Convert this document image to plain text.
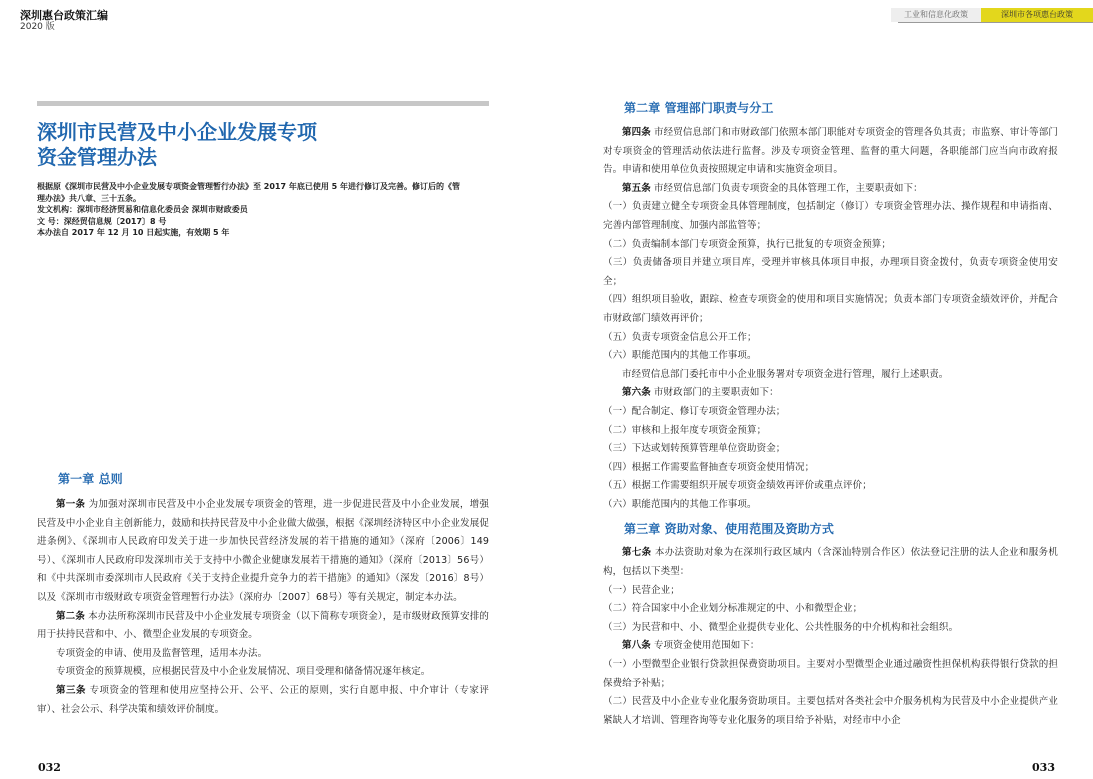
深圳惠台政策汇编
2020 版
工业和信息化政策	深圳市各项惠台政策
深圳市民营及中小企业发展专项
资金管理办法
根据原《深圳市民营及中小企业发展专项资金管理暂行办法》至 2017 年底已使用 5 年进行修订及完善。修订后的《管
理办法》共八章、三十五条。
发文机构：深圳市经济贸易和信息化委员会 深圳市财政委员
文 号：深经贸信息规〔2017〕8 号
本办法自 2017 年 12 月 10 日起实施，有效期 5 年
第一章 总则
第一条 为加强对深圳市民营及中小企业发展专项资金的管理，进一步促进民营及中小企业发展，增强民营及中小企业自主创新能力，鼓励和扶持民营及中小企业做大做强，根据《深圳经济特区中小企业发展促进条例》、《深圳市人民政府印发关于进一步加快民营经济发展的若干措施的通知》（深府〔2006〕149号）、《深圳市人民政府印发深圳市关于支持中小微企业健康发展若干措施的通知》（深府〔2013〕56号）和《中共深圳市委深圳市人民政府《关于支持企业提升竞争力的若干措施》的通知》（深发〔2016〕8号）以及《深圳市市级财政专项资金管理暂行办法》（深府办〔2007〕68号）等有关规定，制定本办法。
第二条 本办法所称深圳市民营及中小企业发展专项资金（以下简称专项资金），是市级财政预算安排的用于扶持民营和中、小、微型企业发展的专项资金。
专项资金的申请、使用及监督管理，适用本办法。
专项资金的预算规模，应根据民营及中小企业发展情况、项目受理和储备情况逐年核定。
第三条 专项资金的管理和使用应坚持公开、公平、公正的原则，实行自愿申报、中介审计（专家评审）、社会公示、科学决策和绩效评价制度。
第二章 管理部门职责与分工
第四条 市经贸信息部门和市财政部门依照本部门职能对专项资金的管理各负其责；市监察、审计等部门对专项资金的管理活动依法进行监督。涉及专项资金管理、监督的重大问题，各职能部门应当向市政府报告。申请和使用单位负责按照规定申请和实施资金项目。
第五条 市经贸信息部门负责专项资金的具体管理工作，主要职责如下：
（一）负责建立健全专项资金具体管理制度，包括制定（修订）专项资金管理办法、操作规程和申请指南、完善内部管理制度、加强内部监管等；
（二）负责编制本部门专项资金预算，执行已批复的专项资金预算；
（三）负责储备项目并建立项目库，受理并审核具体项目申报，办理项目资金拨付，负责专项资金使用安全；
（四）组织项目验收，跟踪、检查专项资金的使用和项目实施情况；负责本部门专项资金绩效评价，并配合市财政部门绩效再评价；
（五）负责专项资金信息公开工作；
（六）职能范围内的其他工作事项。
市经贸信息部门委托市中小企业服务署对专项资金进行管理，履行上述职责。
第六条 市财政部门的主要职责如下：
（一）配合制定、修订专项资金管理办法；
（二）审核和上报年度专项资金预算；
（三）下达或划转预算管理单位资助资金；
（四）根据工作需要监督抽查专项资金使用情况；
（五）根据工作需要组织开展专项资金绩效再评价或重点评价；
（六）职能范围内的其他工作事项。
第三章 资助对象、使用范围及资助方式
第七条 本办法资助对象为在深圳行政区域内（含深汕特别合作区）依法登记注册的法人企业和服务机构，包括以下类型：
（一）民营企业；
（二）符合国家中小企业划分标准规定的中、小和微型企业；
（三）为民营和中、小、微型企业提供专业化、公共性服务的中介机构和社会组织。
第八条 专项资金使用范围如下：
（一）小型微型企业银行贷款担保费资助项目。主要对小型微型企业通过融资性担保机构获得银行贷款的担保费给予补贴；
（二）民营及中小企业专业化服务资助项目。主要包括对各类社会中介服务机构为民营及中小企业提供产业紧缺人才培训、管理咨询等专业化服务的项目给予补贴，对经市中小企
032	033
